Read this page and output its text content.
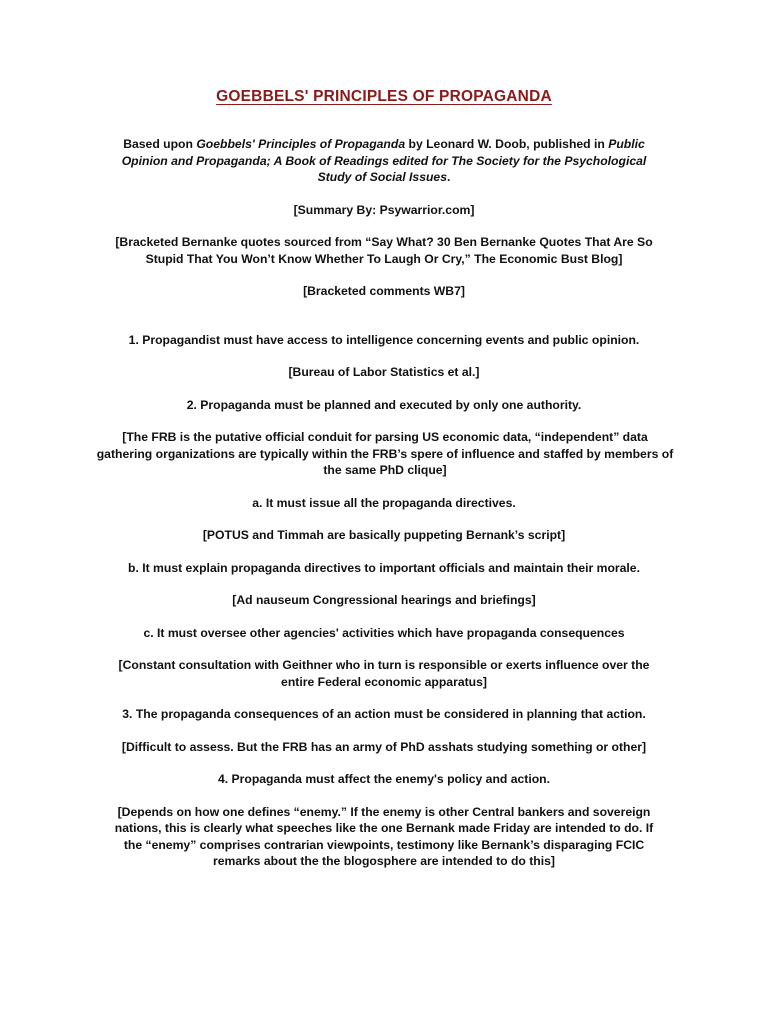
GOEBBELS' PRINCIPLES OF PROPAGANDA

Based upon Goebbels' Principles of Propaganda by Leonard W. Doob, published in Public Opinion and Propaganda; A Book of Readings edited for The Society for the Psychological Study of Social Issues.

[Summary By: Psywarrior.com]

[Bracketed Bernanke quotes sourced from “Say What? 30 Ben Bernanke Quotes That Are So Stupid That You Won’t Know Whether To Laugh Or Cry,” The Economic Bust Blog]

[Bracketed comments WB7]

1. Propagandist must have access to intelligence concerning events and public opinion.

[Bureau of Labor Statistics et al.]

2. Propaganda must be planned and executed by only one authority.

[The FRB is the putative official conduit for parsing US economic data, “independent” data gathering organizations are typically within the FRB’s spere of influence and staffed by members of the same PhD clique]

a. It must issue all the propaganda directives.

[POTUS and Timmah are basically puppeting Bernank’s script]

b. It must explain propaganda directives to important officials and maintain their morale.

[Ad nauseum Congressional hearings and briefings]

c. It must oversee other agencies' activities which have propaganda consequences

[Constant consultation with Geithner who in turn is responsible or exerts influence over the entire Federal economic apparatus]

3. The propaganda consequences of an action must be considered in planning that action.

[Difficult to assess. But the FRB has an army of PhD asshats studying something or other]

4. Propaganda must affect the enemy's policy and action.

[Depends on how one defines “enemy.” If the enemy is other Central bankers and sovereign nations, this is clearly what speeches like the one Bernank made Friday are intended to do. If the “enemy” comprises contrarian viewpoints, testimony like Bernank’s disparaging FCIC remarks about the the blogosphere are intended to do this]
